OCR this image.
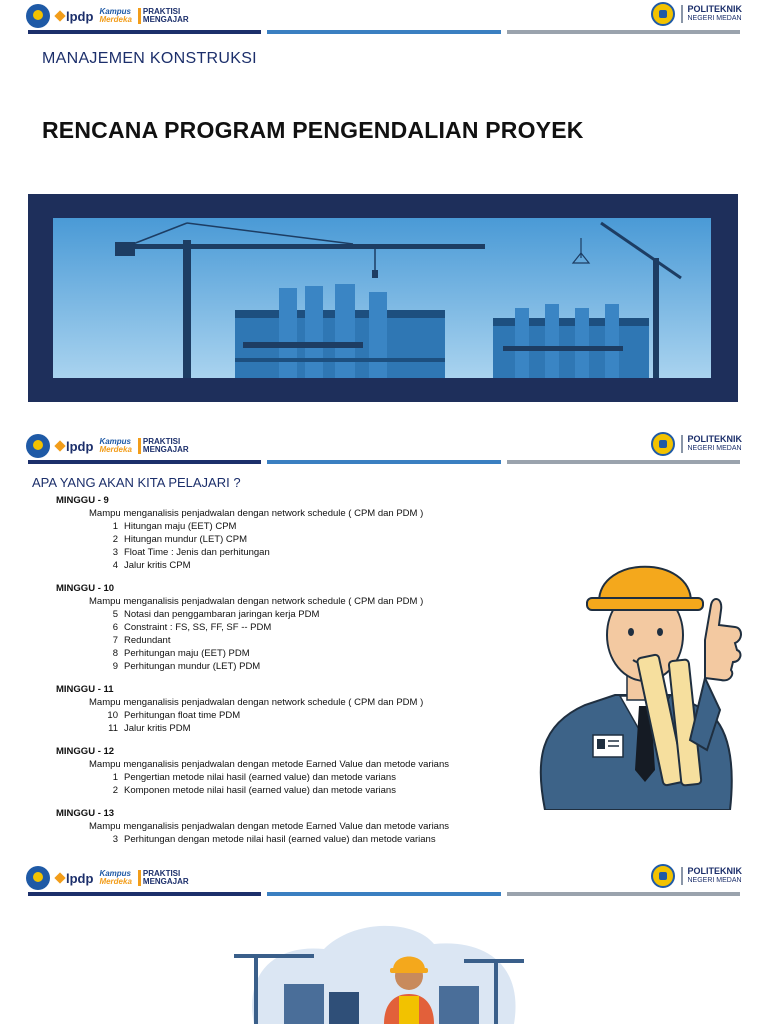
lpdp Kampus
Merdeka
PRAKTISI
MENGAJAR
POLITEKNIK
NEGERI MEDAN
MANAJEMEN KONSTRUKSI
RENCANA PROGRAM PENGENDALIAN PROYEK
lpdp Kampus
Merdeka
PRAKTISI
MENGAJAR
POLITEKNIK
NEGERI MEDAN
APA YANG AKAN KITA PELAJARI ?
MINGGU - 9
Mampu menganalisis penjadwalan dengan network schedule ( CPM dan PDM )
1 Hitungan maju (EET) CPM
2 Hitungan mundur (LET) CPM
3 Float Time : Jenis dan perhitungan
4 Jalur kritis CPM
MINGGU - 10
Mampu menganalisis penjadwalan dengan network schedule ( CPM dan PDM )
5 Notasi dan penggambaran jaringan kerja PDM
6 Constraint : FS, SS, FF, SF -- PDM
7 Redundant
8 Perhitungan maju (EET) PDM
9 Perhitungan mundur (LET) PDM
MINGGU - 11
Mampu menganalisis penjadwalan dengan network schedule ( CPM dan PDM )
10 Perhitungan float time PDM
11 Jalur kritis PDM
MINGGU - 12
Mampu menganalisis penjadwalan dengan metode Earned Value dan metode varians
1 Pengertian metode nilai hasil (earned value) dan metode varians
2 Komponen metode nilai hasil (earned value) dan metode varians
MINGGU - 13
Mampu menganalisis penjadwalan dengan metode Earned Value dan metode varians
3 Perhitungan dengan metode nilai hasil (earned value) dan metode varians
lpdp Kampus
Merdeka
PRAKTISI
MENGAJAR
POLITEKNIK
NEGERI MEDAN
